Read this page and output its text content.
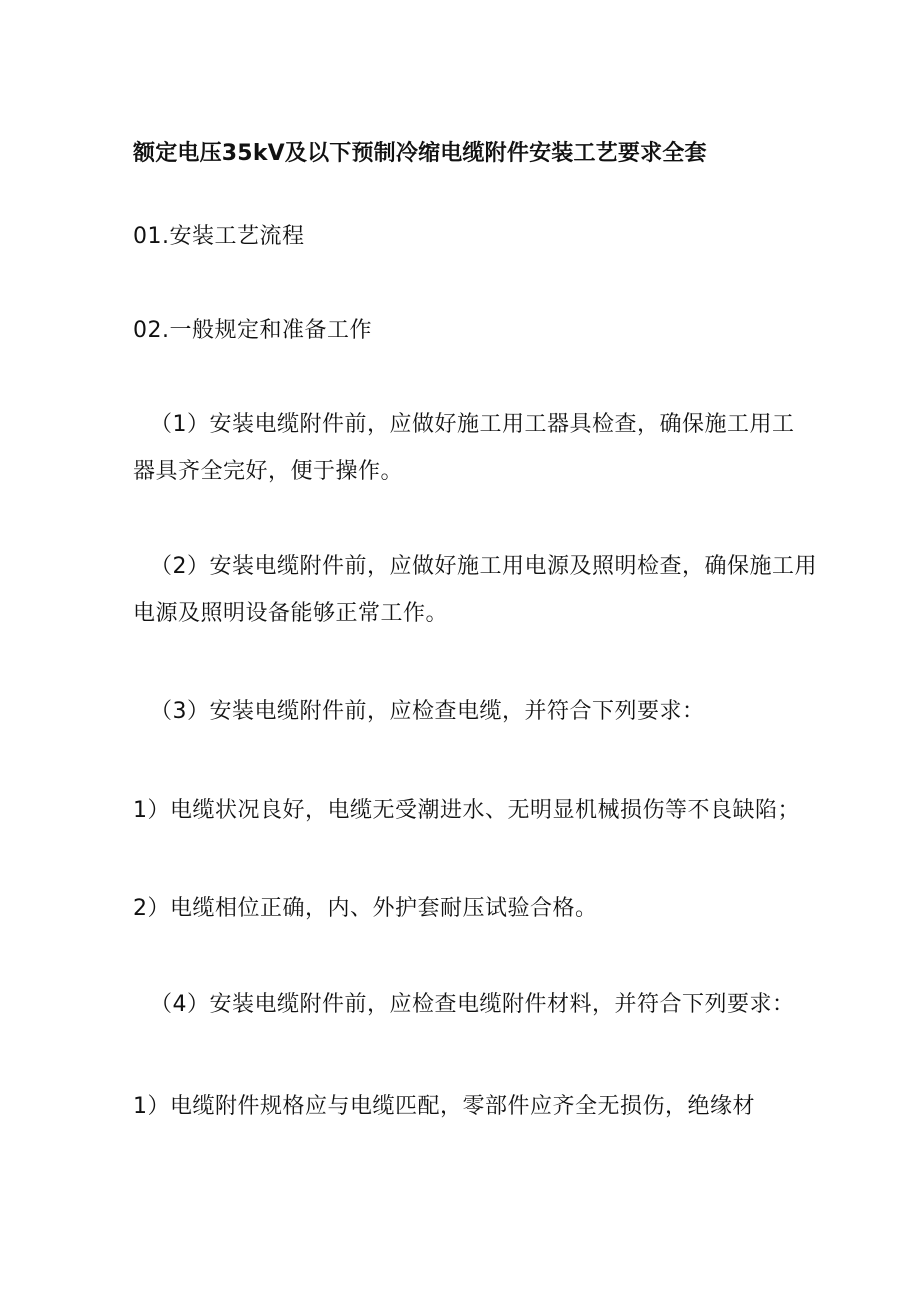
额定电压35kV及以下预制冷缩电缆附件安装工艺要求全套
01.安装工艺流程
02.一般规定和准备工作
（1）安装电缆附件前，应做好施工用工器具检查，确保施工用工
器具齐全完好，便于操作。
（2）安装电缆附件前，应做好施工用电源及照明检查，确保施工用
电源及照明设备能够正常工作。
（3）安装电缆附件前，应检查电缆，并符合下列要求：
1）电缆状况良好，电缆无受潮进水、无明显机械损伤等不良缺陷；
2）电缆相位正确，内、外护套耐压试验合格。
（4）安装电缆附件前，应检查电缆附件材料，并符合下列要求：
1）电缆附件规格应与电缆匹配，零部件应齐全无损伤，绝缘材
